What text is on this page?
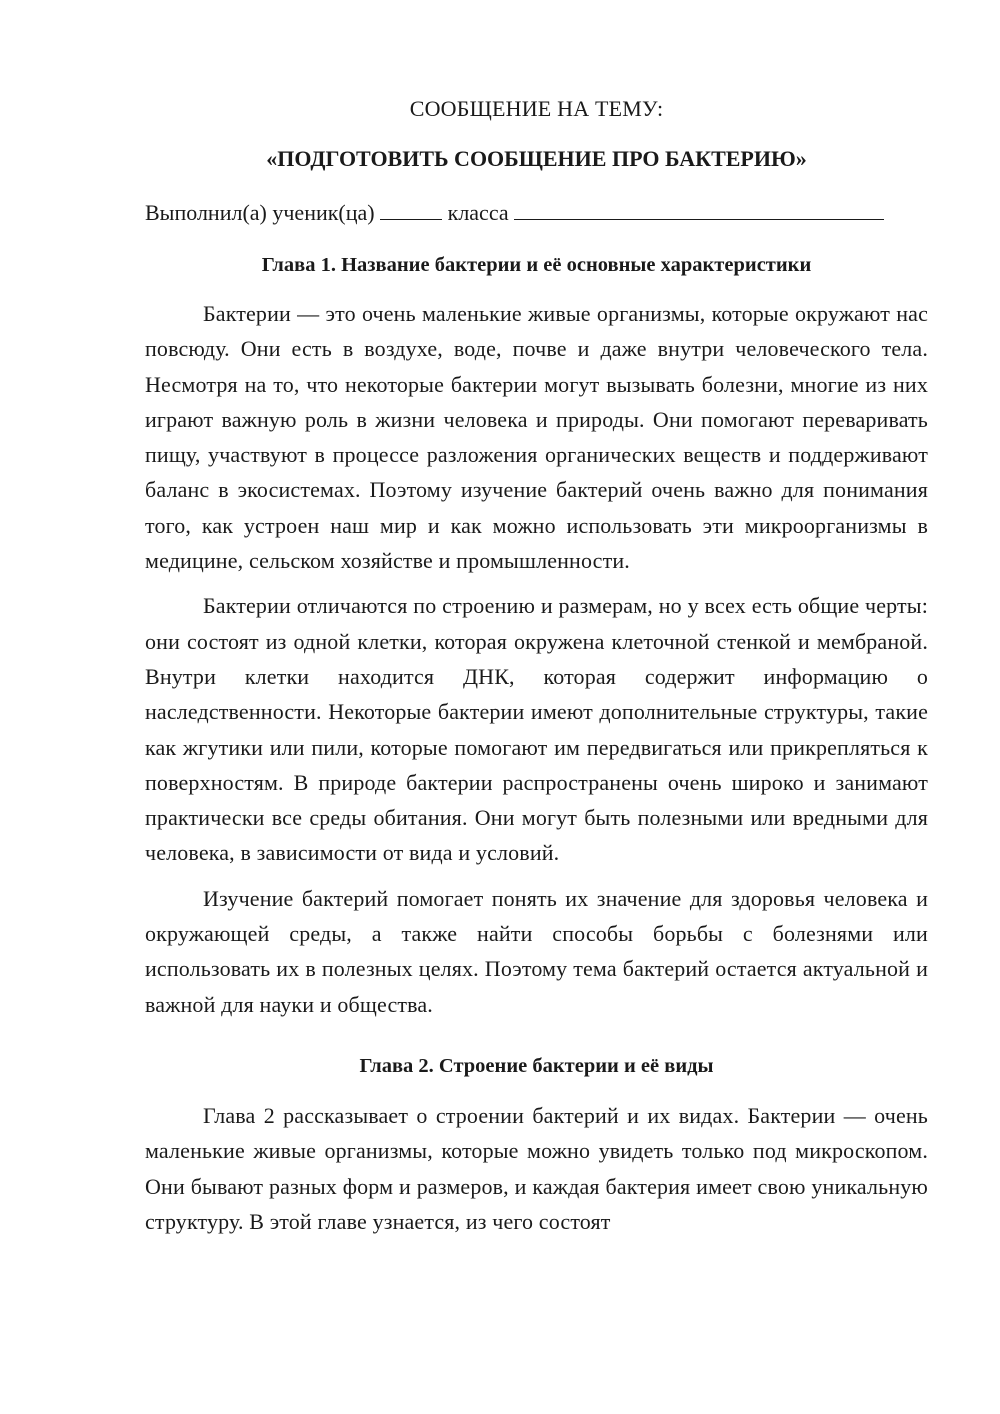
СООБЩЕНИЕ НА ТЕМУ:

«ПОДГОТОВИТЬ СООБЩЕНИЕ ПРО БАКТЕРИЮ»

Выполнил(а) ученик(ца)	класса

Глава 1. Название бактерии и её основные характеристики

Бактерии — это очень маленькие живые организмы, которые окружают нас повсюду. Они есть в воздухе, воде, почве и даже внутри человеческого тела. Несмотря на то, что некоторые бактерии могут вызывать болезни, многие из них играют важную роль в жизни человека и природы. Они помогают переваривать пищу, участвуют в процессе разложения органических веществ и поддерживают баланс в экосистемах. Поэтому изучение бактерий очень важно для понимания того, как устроен наш мир и как можно использовать эти микроорганизмы в медицине, сельском хозяйстве и промышленности.

Бактерии отличаются по строению и размерам, но у всех есть общие черты: они состоят из одной клетки, которая окружена клеточной стенкой и мембраной. Внутри клетки находится ДНК, которая содержит информацию о наследственности. Некоторые бактерии имеют дополнительные структуры, такие как жгутики или пили, которые помогают им передвигаться или прикрепляться к поверхностям. В природе бактерии распространены очень широко и занимают практически все среды обитания. Они могут быть полезными или вредными для человека, в зависимости от вида и условий.

Изучение бактерий помогает понять их значение для здоровья человека и окружающей среды, а также найти способы борьбы с болезнями или использовать их в полезных целях. Поэтому тема бактерий остается актуальной и важной для науки и общества.

Глава 2. Строение бактерии и её виды

Глава 2 рассказывает о строении бактерий и их видах. Бактерии — очень маленькие живые организмы, которые можно увидеть только под микроскопом. Они бывают разных форм и размеров, и каждая бактерия имеет свою уникальную структуру. В этой главе узнается, из чего состоят
